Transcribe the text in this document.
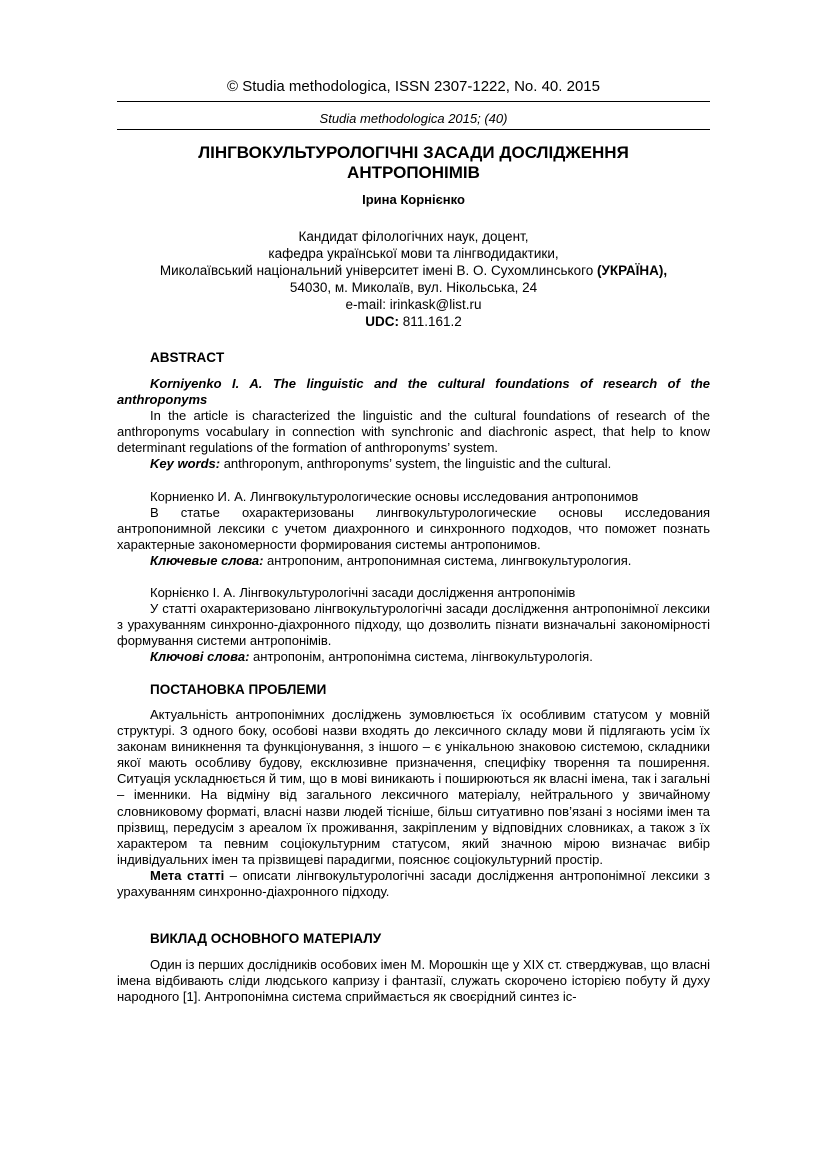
© Studia methodologica, ISSN 2307-1222, No. 40. 2015
Studia methodologica 2015; (40)
ЛІНГВОКУЛЬТУРОЛОГІЧНІ ЗАСАДИ ДОСЛІДЖЕННЯ
АНТРОПОНІМІВ
Ірина Корнієнко
Кандидат філологічних наук, доцент,
кафедра української мови та лінгводидактики,
Миколаївський національний університет імені В. О. Сухомлинського (УКРАЇНА),
54030, м. Миколаїв, вул. Нікольська, 24
e-mail: irinkask@list.ru
UDC: 811.161.2
ABSTRACT

Korniyenko I. A. The linguistic and the cultural foundations of research of the anthroponyms

In the article is characterized the linguistic and the cultural foundations of research of the anthroponyms vocabulary in connection with synchronic and diachronic aspect, that help to know determinant regulations of the formation of anthroponyms’ system.

Key words: anthroponym, anthroponyms’ system, the linguistic and the cultural.

Корниенко И. А. Лингвокультурологические основы исследования антропонимов

В статье охарактеризованы лингвокультурологические основы исследования антропонимной лексики с учетом диахронного и синхронного подходов, что поможет познать характерные закономерности формирования системы антропонимов.

Ключевые слова: антропоним, антропонимная система, лингвокультурология.

Корнієнко І. А. Лінгвокультурологічні засади дослідження антропонімів

У статті охарактеризовано лінгвокультурологічні засади дослідження антропонімної лексики з урахуванням синхронно-діахронного підходу, що дозволить пізнати визначальні закономірності формування системи антропонімів.

Ключові слова: антропонім, антропонімна система, лінгвокультурологія.

ПОСТАНОВКА ПРОБЛЕМИ

Актуальність антропонімних досліджень зумовлюється їх особливим статусом у мовній структурі. З одного боку, особові назви входять до лексичного складу мови й підлягають усім їх законам виникнення та функціонування, з іншого – є унікальною знаковою системою, складники якої мають особливу будову, ексклюзивне призначення, специфіку творення та поширення. Ситуація ускладнюється й тим, що в мові виникають і поширюються як власні імена, так і загальні – іменники. На відміну від загального лексичного матеріалу, нейтрального у звичайному словниковому форматі, власні назви людей тісніше, більш ситуативно пов’язані з носіями імен та прізвищ, передусім з ареалом їх проживання, закріпленим у відповідних словниках, а також з їх характером та певним соціокультурним статусом, який значною мірою визначає вибір індивідуальних імен та прізвищеві парадигми, пояснює соціокультурний простір.

Мета статті – описати лінгвокультурологічні засади дослідження антропонімної лексики з урахуванням синхронно-діахронного підходу.

ВИКЛАД ОСНОВНОГО МАТЕРІАЛУ

Один із перших дослідників особових імен М. Морошкін ще у XIX ст. стверджував, що власні імена відбивають сліди людського капризу і фантазії, служать скорочено історією побуту й духу народного [1]. Антропонімна система сприймається як своєрідний синтез іс-
